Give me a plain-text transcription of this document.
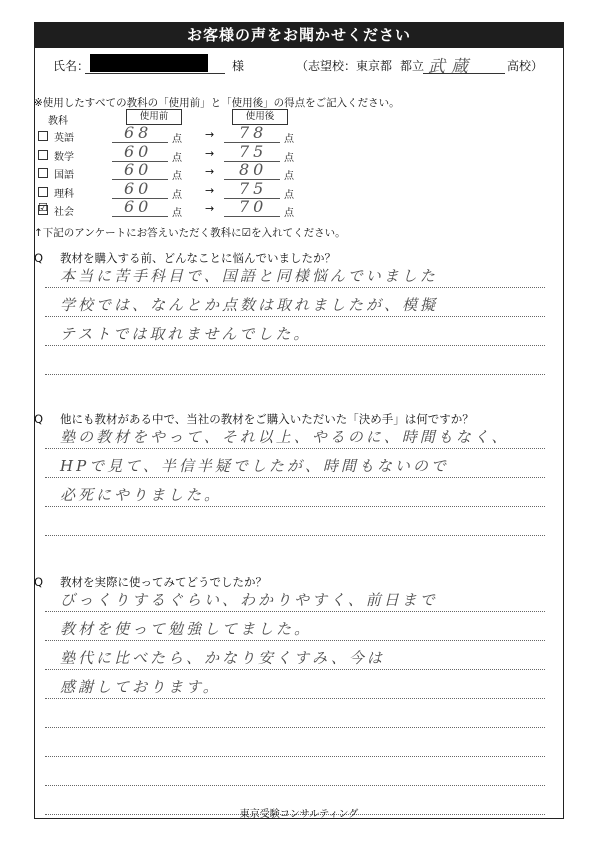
お客様の声をお聞かせください
氏名：	様	（志望校：東京都 都立 武蔵	高校）
※使用したすべての教科の「使用前」と「使用後」の得点をご記入ください。
教科	使用前	使用後
英語	68 点 → 78 点
数学	60 点 → 75 点
国語	60 点 → 80 点
理科	60 点 → 75 点
☑ 社会	60 点 → 70 点
↑下記のアンケートにお答えいただく教科に☑を入れてください。
Q 教材を購入する前、どんなことに悩んでいましたか？
本当に苦手科目で、国語と同様悩んでいました
学校では、なんとか点数は取れましたが、模擬
テストでは取れませんでした。
Q 他にも教材がある中で、当社の教材をご購入いただいた「決め手」は何ですか？
塾の教材をやって、それ以上、やるのに、時間もなく、
HPで見て、半信半疑でしたが、時間もないので
必死にやりました。
Q 教材を実際に使ってみてどうでしたか？
びっくりするぐらい、わかりやすく、前日まで
教材を使って勉強してました。
塾代に比べたら、かなり安くすみ、今は
感謝しております。
東京受験コンサルティング
